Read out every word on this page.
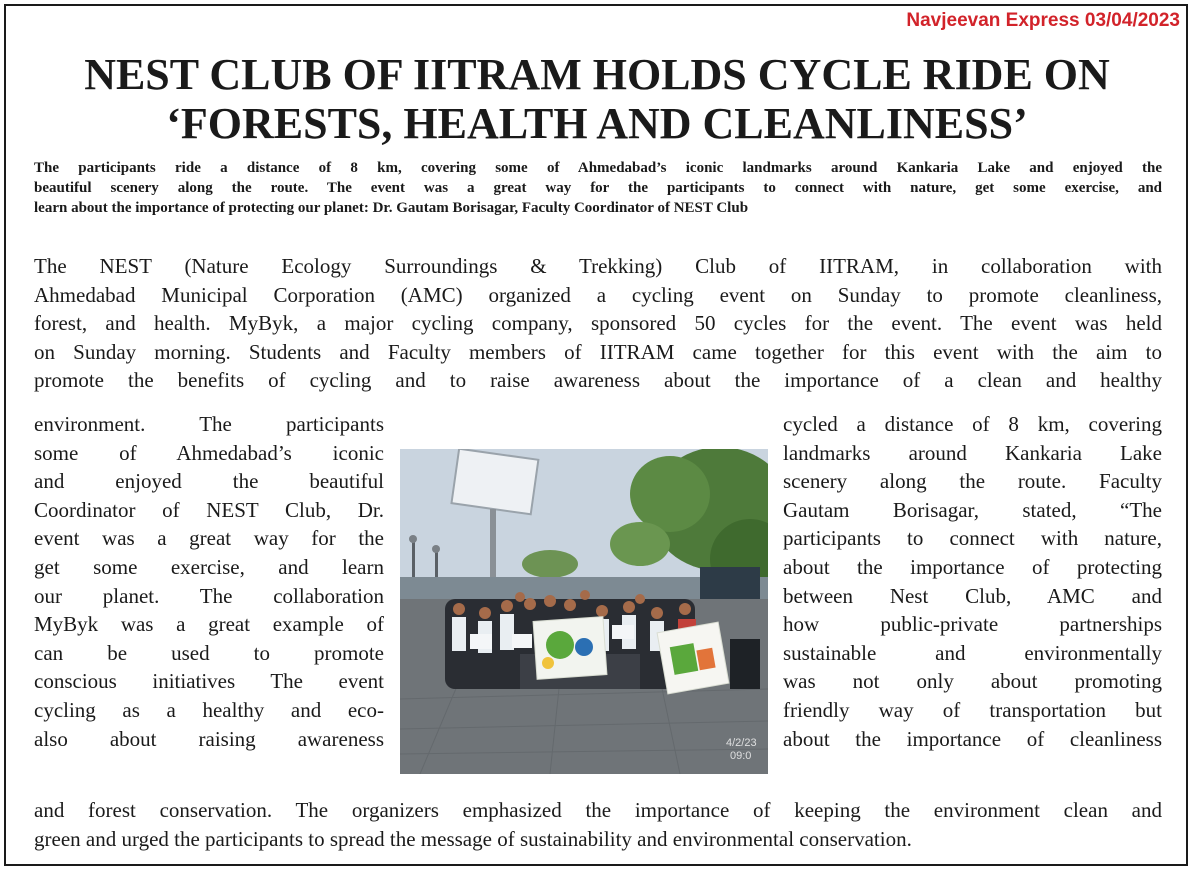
Navjeevan Express 03/04/2023
NEST CLUB OF IITRAM HOLDS CYCLE RIDE ON
‘FORESTS, HEALTH AND CLEANLINESS’

The participants ride a distance of 8 km, covering some of Ahmedabad’s iconic landmarks around Kankaria Lake and enjoyed the
beautiful scenery along the route. The event was a great way for the participants to connect with nature, get some exercise, and
learn about the importance of protecting our planet: Dr. Gautam Borisagar, Faculty Coordinator of NEST Club

The NEST (Nature Ecology Surroundings & Trekking) Club of IITRAM, in collaboration with
Ahmedabad Municipal Corporation (AMC) organized a cycling event on Sunday to promote cleanliness,
forest, and health. MyByk, a major cycling company, sponsored 50 cycles for the event. The event was held
on Sunday morning. Students and Faculty members of IITRAM came together for this event with the aim to
promote the benefits of cycling and to raise awareness about the importance of a clean and healthy
environment. The participants
some of Ahmedabad’s iconic
and enjoyed the beautiful
Coordinator of NEST Club, Dr.
event was a great way for the
get some exercise, and learn
our planet. The collaboration
MyByk was a great example of
can be used to promote
conscious initiatives The event
cycling as a healthy and eco-
also about raising awareness
cycled a distance of 8 km, covering
landmarks around Kankaria Lake
scenery along the route. Faculty
Gautam Borisagar, stated, “The
participants to connect with nature,
about the importance of protecting
between Nest Club, AMC and
how public-private partnerships
sustainable and environmentally
was not only about promoting
friendly way of transportation but
about the importance of cleanliness
4/2/23
09:0
and forest conservation. The organizers emphasized the importance of keeping the environment clean and
green and urged the participants to spread the message of sustainability and environmental conservation.
